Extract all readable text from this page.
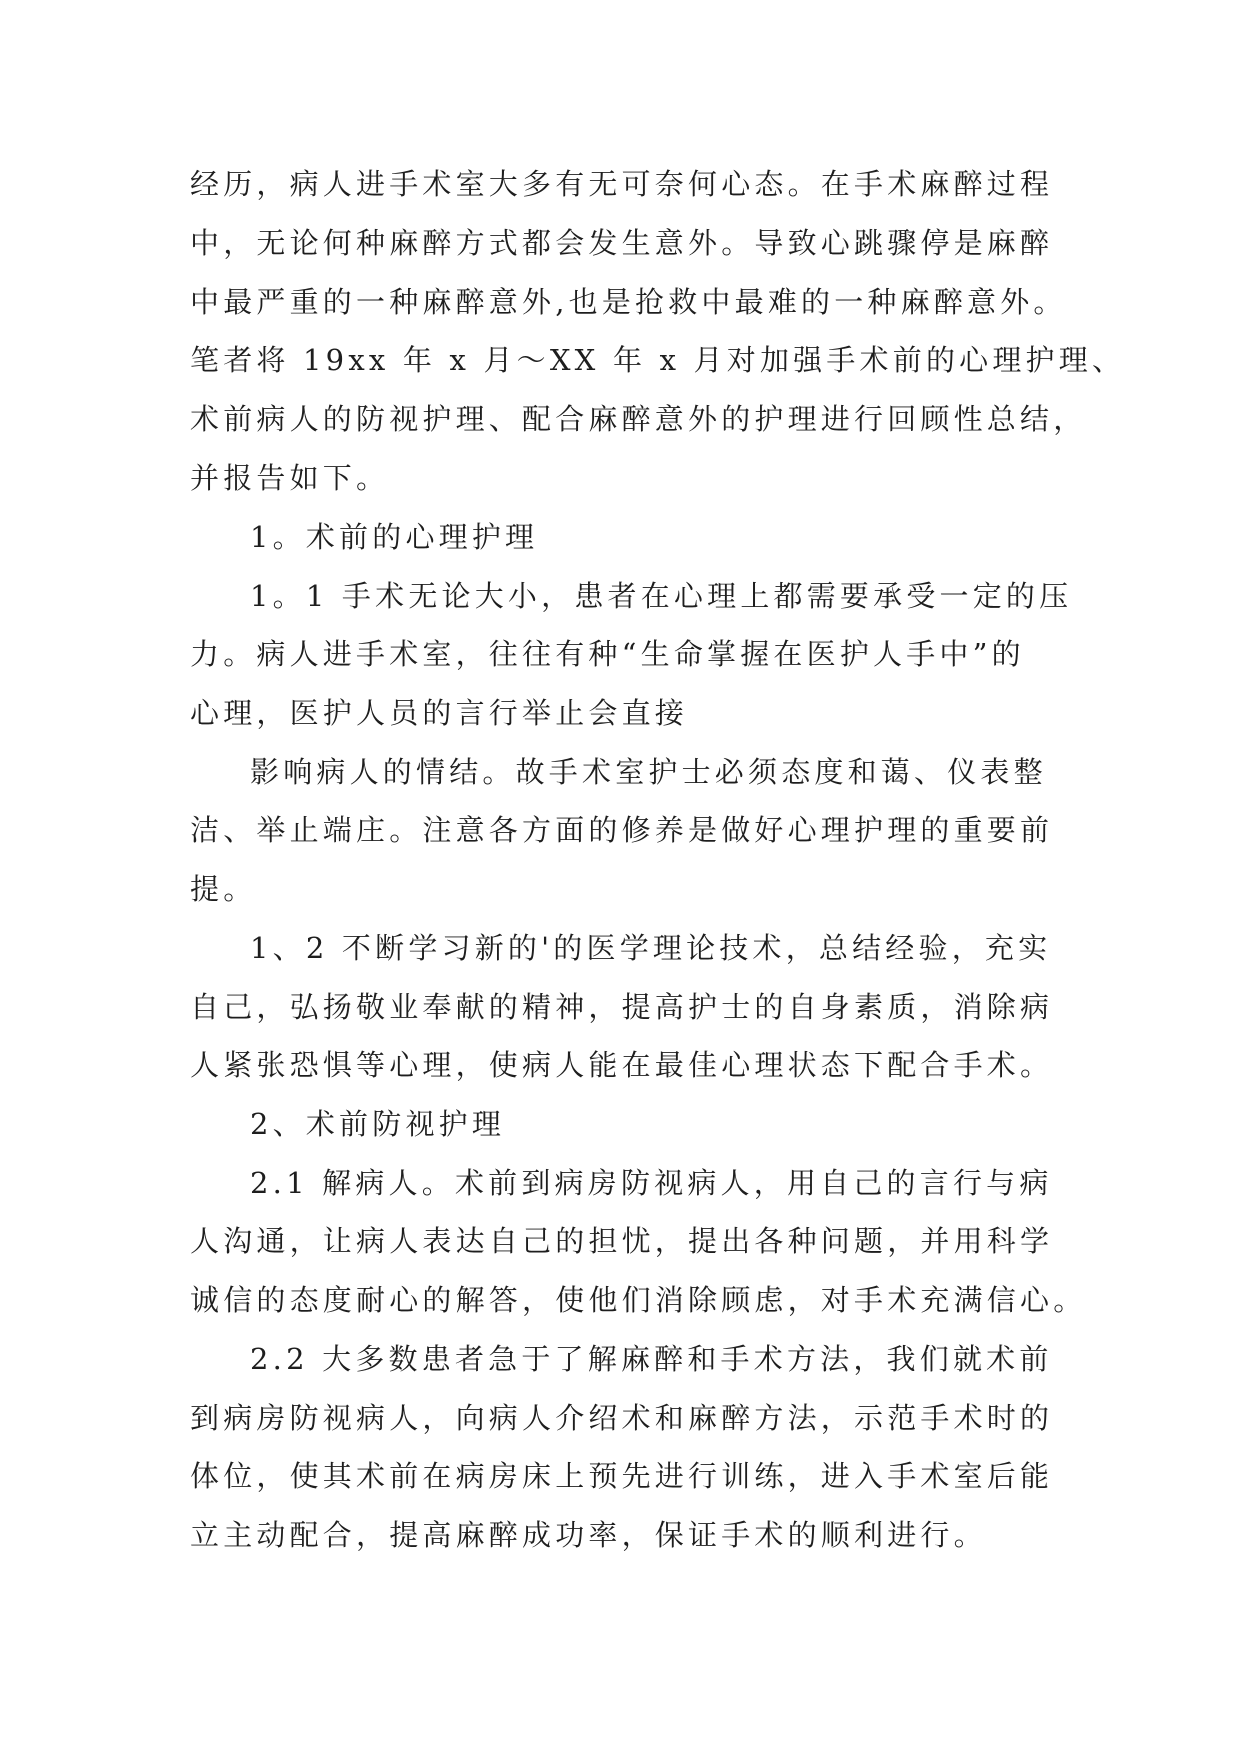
经历，病人进手术室大多有无可奈何心态。在手术麻醉过程
中，无论何种麻醉方式都会发生意外。导致心跳骤停是麻醉
中最严重的一种麻醉意外,也是抢救中最难的一种麻醉意外。
笔者将 19xx 年 x 月～XX 年 x 月对加强手术前的心理护理、
术前病人的防视护理、配合麻醉意外的护理进行回顾性总结，
并报告如下。
1。术前的心理护理
1。1 手术无论大小，患者在心理上都需要承受一定的压
力。病人进手术室，往往有种“生命掌握在医护人手中”的
心理，医护人员的言行举止会直接
影响病人的情结。故手术室护士必须态度和蔼、仪表整
洁、举止端庄。注意各方面的修养是做好心理护理的重要前
提。
1、2 不断学习新的'的医学理论技术，总结经验，充实
自己，弘扬敬业奉献的精神，提高护士的自身素质，消除病
人紧张恐惧等心理，使病人能在最佳心理状态下配合手术。
2、术前防视护理
2.1 解病人。术前到病房防视病人，用自己的言行与病
人沟通，让病人表达自己的担忧，提出各种问题，并用科学
诚信的态度耐心的解答，使他们消除顾虑，对手术充满信心。
2.2 大多数患者急于了解麻醉和手术方法，我们就术前
到病房防视病人，向病人介绍术和麻醉方法，示范手术时的
体位，使其术前在病房床上预先进行训练，进入手术室后能
立主动配合，提高麻醉成功率，保证手术的顺利进行。
